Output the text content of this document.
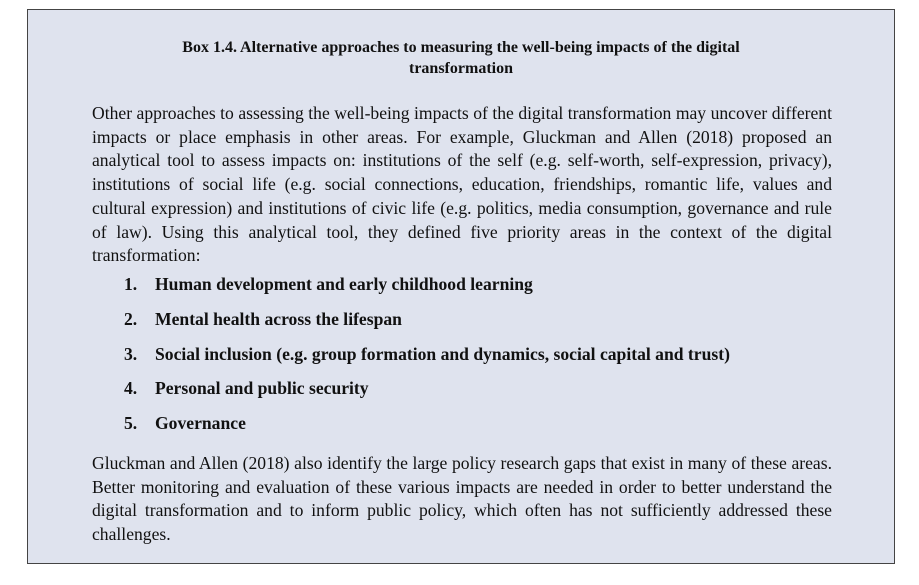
Box 1.4. Alternative approaches to measuring the well-being impacts of the digital
transformation

Other approaches to assessing the well-being impacts of the digital transformation may uncover different impacts or place emphasis in other areas. For example, Gluckman and Allen (2018) proposed an analytical tool to assess impacts on: institutions of the self (e.g. self-worth, self-expression, privacy), institutions of social life (e.g. social connections, education, friendships, romantic life, values and cultural expression) and institutions of civic life (e.g. politics, media consumption, governance and rule of law). Using this analytical tool, they defined five priority areas in the context of the digital transformation:

1. Human development and early childhood learning
2. Mental health across the lifespan
3. Social inclusion (e.g. group formation and dynamics, social capital and trust)
4. Personal and public security
5. Governance

Gluckman and Allen (2018) also identify the large policy research gaps that exist in many of these areas. Better monitoring and evaluation of these various impacts are needed in order to better understand the digital transformation and to inform public policy, which often has not sufficiently addressed these challenges.
